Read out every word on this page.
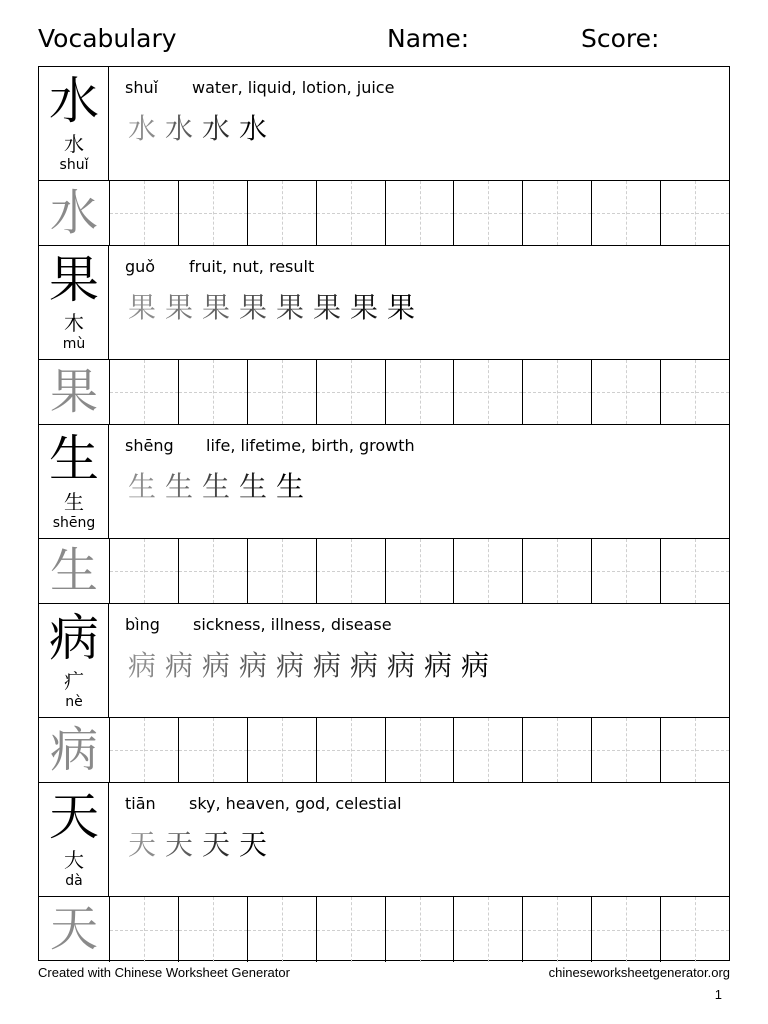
Vocabulary	Name:	Score:
水
水
shuǐ
shuǐ water, liquid, lotion, juice
水 水 水 水
水
果
木
mù
guǒ fruit, nut, result
果 果 果 果 果 果 果 果
果
生
生
shēng
shēng life, lifetime, birth, growth
生 生 生 生 生
生
病
疒
nè
bìng sickness, illness, disease
病 病 病 病 病 病 病 病 病 病
病
天
大
dà
tiān sky, heaven, god, celestial
天 天 天 天
天
Created with Chinese Worksheet Generator	chineseworksheetgenerator.org
1
